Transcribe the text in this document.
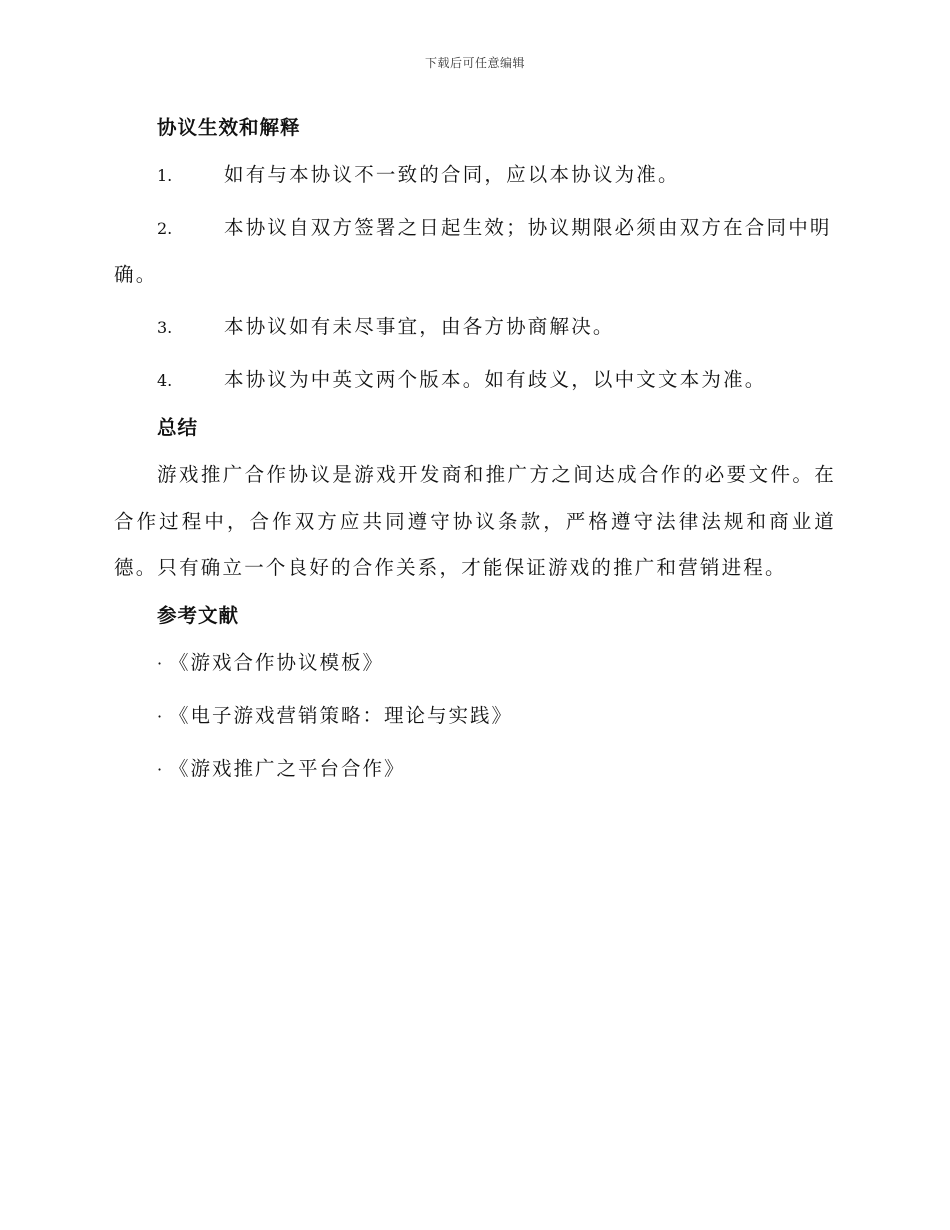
下载后可任意编辑
协议生效和解释
1.	如有与本协议不一致的合同，应以本协议为准。
2.	本协议自双方签署之日起生效；协议期限必须由双方在合同中明确。
3.	本协议如有未尽事宜，由各方协商解决。
4.	本协议为中英文两个版本。如有歧义，以中文文本为准。
总结
游戏推广合作协议是游戏开发商和推广方之间达成合作的必要文件。在合作过程中，合作双方应共同遵守协议条款，严格遵守法律法规和商业道德。只有确立一个良好的合作关系，才能保证游戏的推广和营销进程。
参考文献
· 《游戏合作协议模板》
· 《电子游戏营销策略：理论与实践》
· 《游戏推广之平台合作》
